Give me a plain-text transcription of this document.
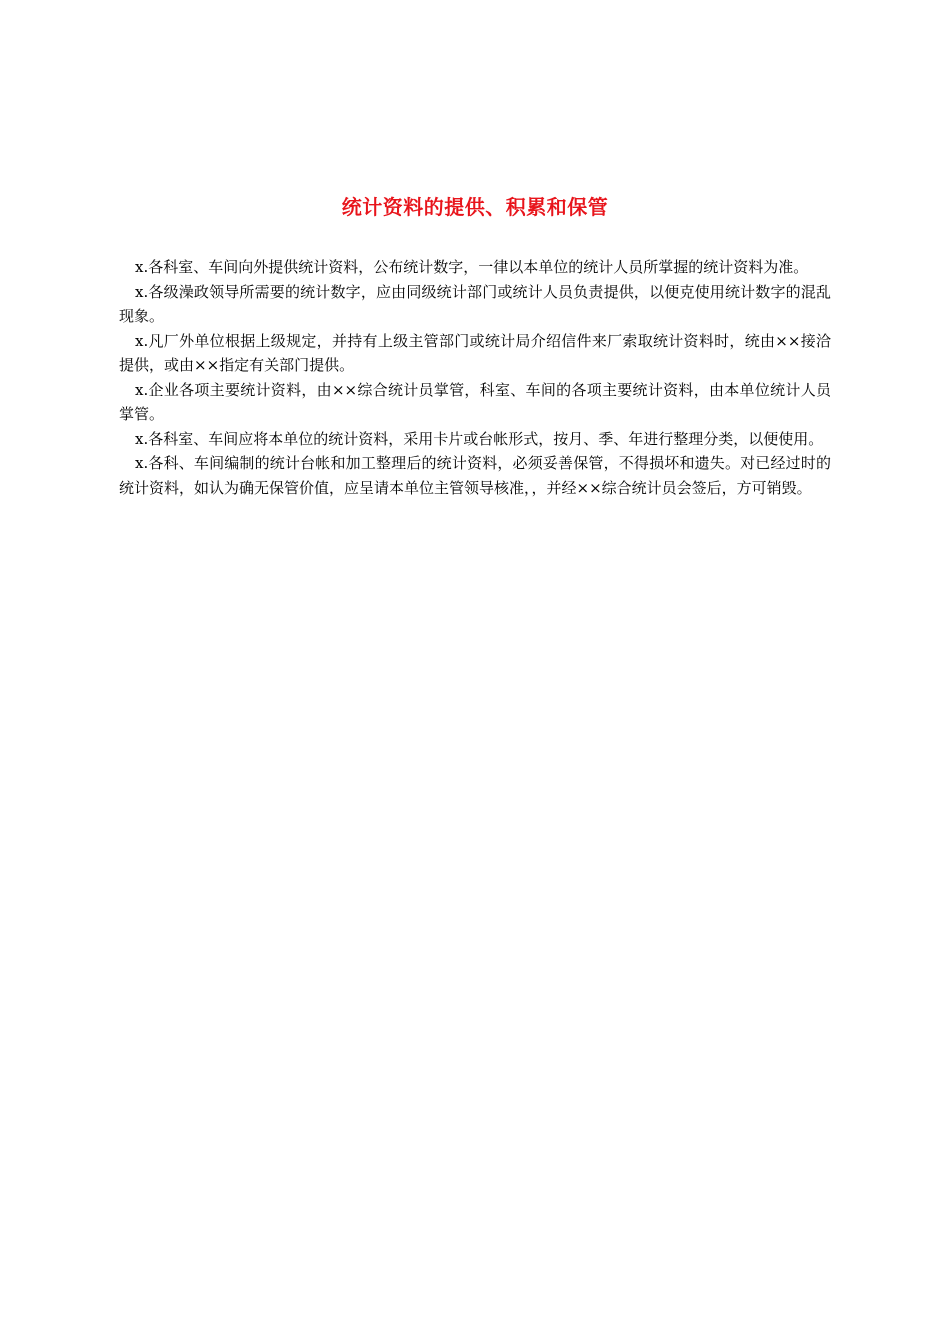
统计资料的提供、积累和保管

x.各科室、车间向外提供统计资料，公布统计数字，一律以本单位的统计人员所掌握的统计资料为准。

x.各级澡政领导所需要的统计数字，应由同级统计部门或统计人员负责提供，以便克使用统计数字的混乱现象。

x.凡厂外单位根据上级规定，并持有上级主管部门或统计局介绍信件来厂索取统计资料时，统由××接洽提供，或由××指定有关部门提供。

x.企业各项主要统计资料，由××综合统计员掌管，科室、车间的各项主要统计资料，由本单位统计人员掌管。

x.各科室、车间应将本单位的统计资料，采用卡片或台帐形式，按月、季、年进行整理分类，以便使用。

x.各科、车间编制的统计台帐和加工整理后的统计资料，必须妥善保管，不得损坏和遗失。对已经过时的统计资料，如认为确无保管价值，应呈请本单位主管领导核准，，并经××综合统计员会签后，方可销毁。
